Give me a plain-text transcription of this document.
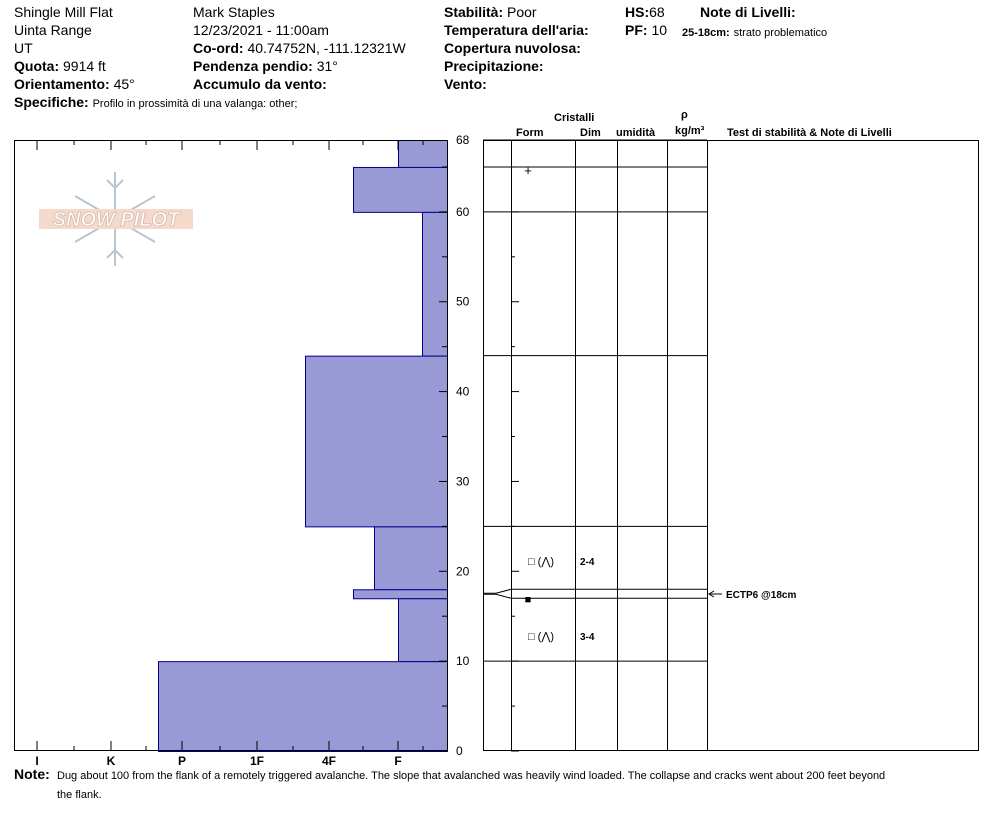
Shingle Mill Flat
Uinta Range
UT
Quota: 9914 ft
Orientamento: 45°
Specifiche: Profilo in prossimità di una valanga: other;
Mark Staples
12/23/2021 - 11:00am
Co-ord: 40.74752N, -111.12321W
Pendenza pendio: 31°
Accumulo da vento:
Stabilità: Poor
Temperatura dell'aria:
Copertura nuvolosa:
Precipitazione:
Vento:
HS:68
PF: 10
Note di Livelli:
25-18cm: strato problematico
Cristalli
Form	Dim umidità
ρ
kg/m³ Test di stabilità & Note di Livelli
SNOW PILOT
0
10
20
30
40
50
60
68
I	K	P	1F	4F	F
+
□ (⋀)	2-4
■
□ (⋀)	3-4
ECTP6 @18cm
Note: Dug about 100 from the flank of a remotely triggered avalanche. The slope that avalanched was heavily wind loaded. The collapse and cracks went about 200 feet beyond
the flank.
